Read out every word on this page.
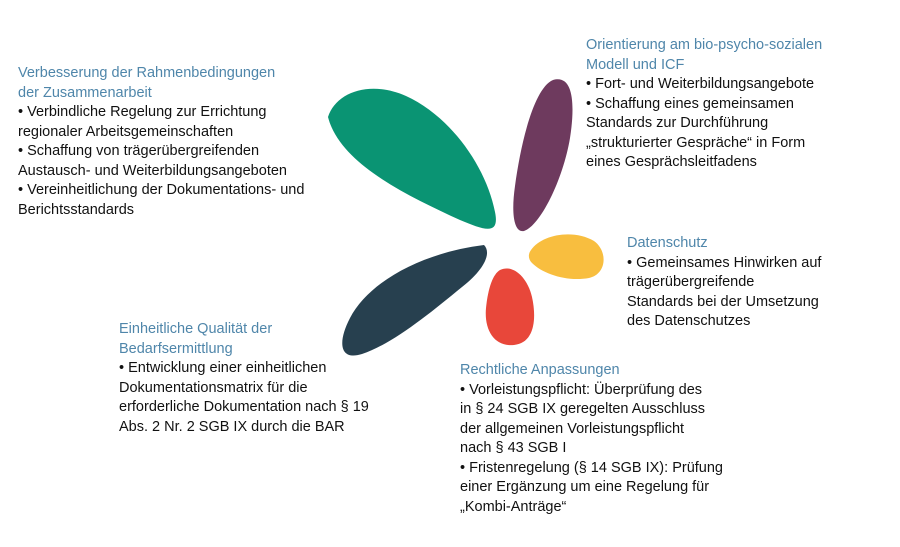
Verbesserung der Rahmenbedingungen
der Zusammenarbeit
• Verbindliche Regelung zur Errichtung
regionaler Arbeitsgemeinschaften
• Schaffung von trägerübergreifenden
Austausch- und Weiterbildungsangeboten
• Vereinheitlichung der Dokumentations- und
Berichtsstandards
Orientierung am bio-psycho-sozialen
Modell und ICF
• Fort- und Weiterbildungsangebote
• Schaffung eines gemeinsamen
Standards zur Durchführung
„strukturierter Gespräche“ in Form
eines Gesprächsleitfadens
Datenschutz
• Gemeinsames Hinwirken auf
trägerübergreifende
Standards bei der Umsetzung
des Datenschutzes
Einheitliche Qualität der
Bedarfsermittlung
• Entwicklung einer einheitlichen
Dokumentationsmatrix für die
erforderliche Dokumentation nach § 19
Abs. 2 Nr. 2 SGB IX durch die BAR
Rechtliche Anpassungen
• Vorleistungspflicht: Überprüfung des
in § 24 SGB IX geregelten Ausschluss
der allgemeinen Vorleistungspflicht
nach § 43 SGB I
• Fristenregelung (§ 14 SGB IX): Prüfung
einer Ergänzung um eine Regelung für
„Kombi-Anträge“
